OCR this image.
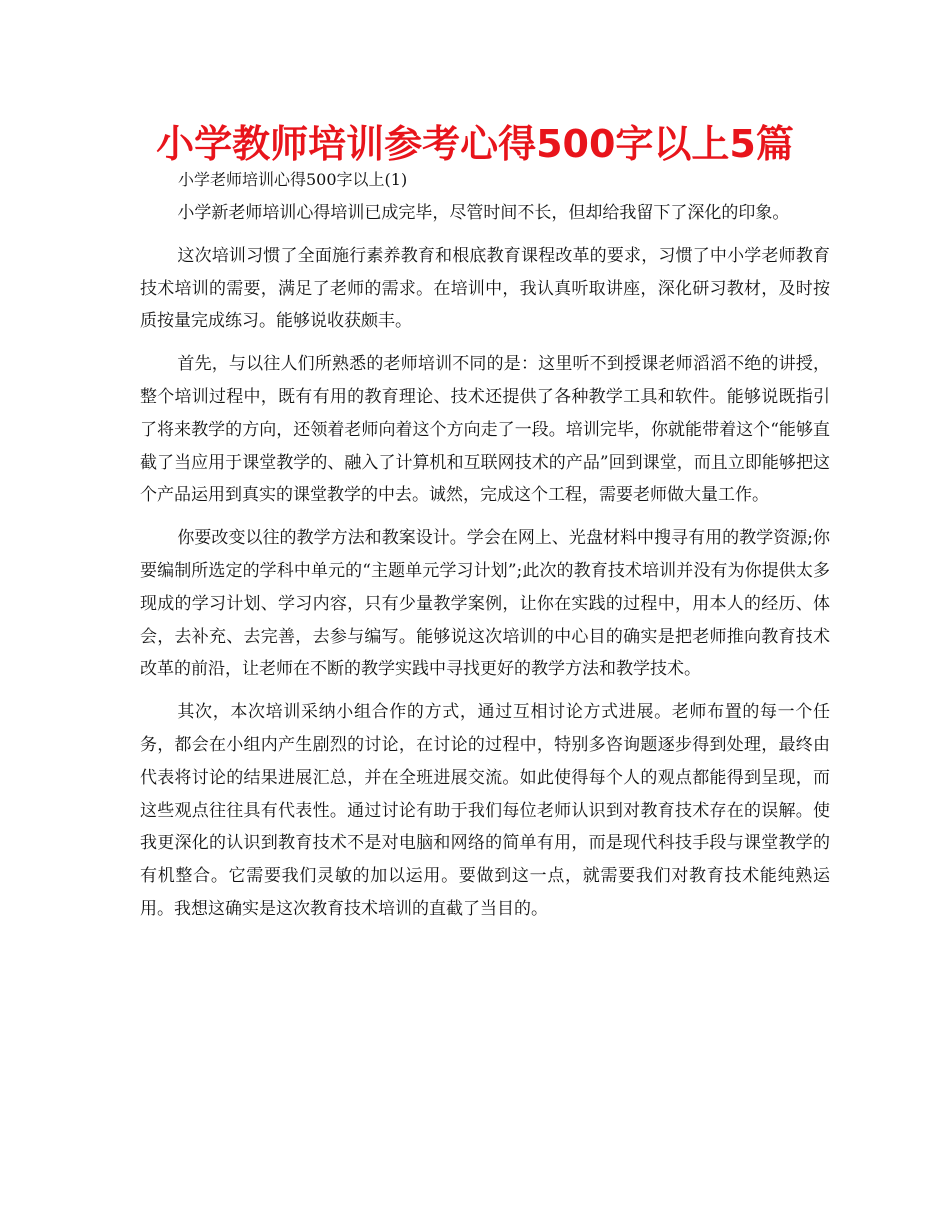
小学教师培训参考心得500字以上5篇
小学老师培训心得500字以上(1)

小学新老师培训心得培训已成完毕，尽管时间不长，但却给我留下了深化的印象。

这次培训习惯了全面施行素养教育和根底教育课程改革的要求，习惯了中小学老师教育技术培训的需要，满足了老师的需求。在培训中，我认真听取讲座，深化研习教材，及时按质按量完成练习。能够说收获颇丰。

首先，与以往人们所熟悉的老师培训不同的是：这里听不到授课老师滔滔不绝的讲授，整个培训过程中，既有有用的教育理论、技术还提供了各种教学工具和软件。能够说既指引了将来教学的方向，还领着老师向着这个方向走了一段。培训完毕，你就能带着这个“能够直截了当应用于课堂教学的、融入了计算机和互联网技术的产品”回到课堂，而且立即能够把这个产品运用到真实的课堂教学的中去。诚然，完成这个工程，需要老师做大量工作。

你要改变以往的教学方法和教案设计。学会在网上、光盘材料中搜寻有用的教学资源;你要编制所选定的学科中单元的“主题单元学习计划”;此次的教育技术培训并没有为你提供太多现成的学习计划、学习内容，只有少量教学案例，让你在实践的过程中，用本人的经历、体会，去补充、去完善，去参与编写。能够说这次培训的中心目的确实是把老师推向教育技术改革的前沿，让老师在不断的教学实践中寻找更好的教学方法和教学技术。

其次，本次培训采纳小组合作的方式，通过互相讨论方式进展。老师布置的每一个任务，都会在小组内产生剧烈的讨论，在讨论的过程中，特别多咨询题逐步得到处理，最终由代表将讨论的结果进展汇总，并在全班进展交流。如此使得每个人的观点都能得到呈现，而这些观点往往具有代表性。通过讨论有助于我们每位老师认识到对教育技术存在的误解。使我更深化的认识到教育技术不是对电脑和网络的简单有用，而是现代科技手段与课堂教学的有机整合。它需要我们灵敏的加以运用。要做到这一点，就需要我们对教育技术能纯熟运用。我想这确实是这次教育技术培训的直截了当目的。
